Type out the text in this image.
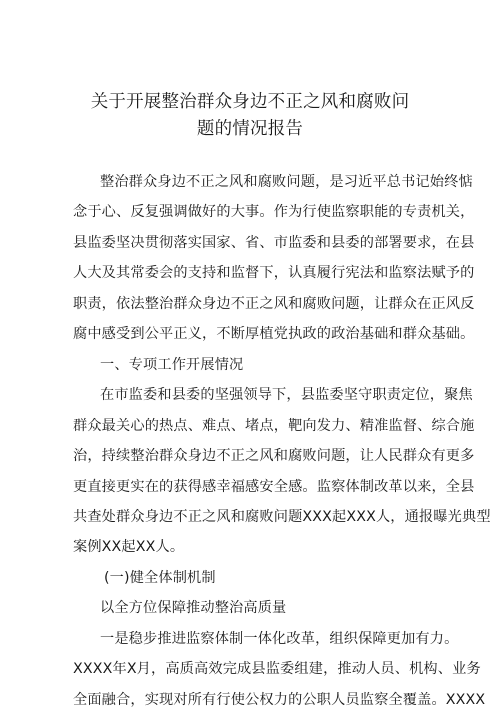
关于开展整治群众身边不正之风和腐败问
题的情况报告
整治群众身边不正之风和腐败问题，是习近平总书记始终惦
念于心、反复强调做好的大事。作为行使监察职能的专责机关，
县监委坚决贯彻落实国家、省、市监委和县委的部署要求，在县
人大及其常委会的支持和监督下，认真履行宪法和监察法赋予的
职责，依法整治群众身边不正之风和腐败问题，让群众在正风反
腐中感受到公平正义，不断厚植党执政的政治基础和群众基础。
一、专项工作开展情况
在市监委和县委的坚强领导下，县监委坚守职责定位，聚焦
群众最关心的热点、难点、堵点，靶向发力、精准监督、综合施
治，持续整治群众身边不正之风和腐败问题，让人民群众有更多
更直接更实在的获得感幸福感安全感。监察体制改革以来，全县
共查处群众身边不正之风和腐败问题XXX起XXX人，通报曝光典型
案例XX起XX人。
(一)健全体制机制
以全方位保障推动整治高质量
一是稳步推进监察体制一体化改革，组织保障更加有力。
XXXX年X月，高质高效完成县监委组建，推动人员、机构、业务
全面融合，实现对所有行使公权力的公职人员监察全覆盖。XXXX
